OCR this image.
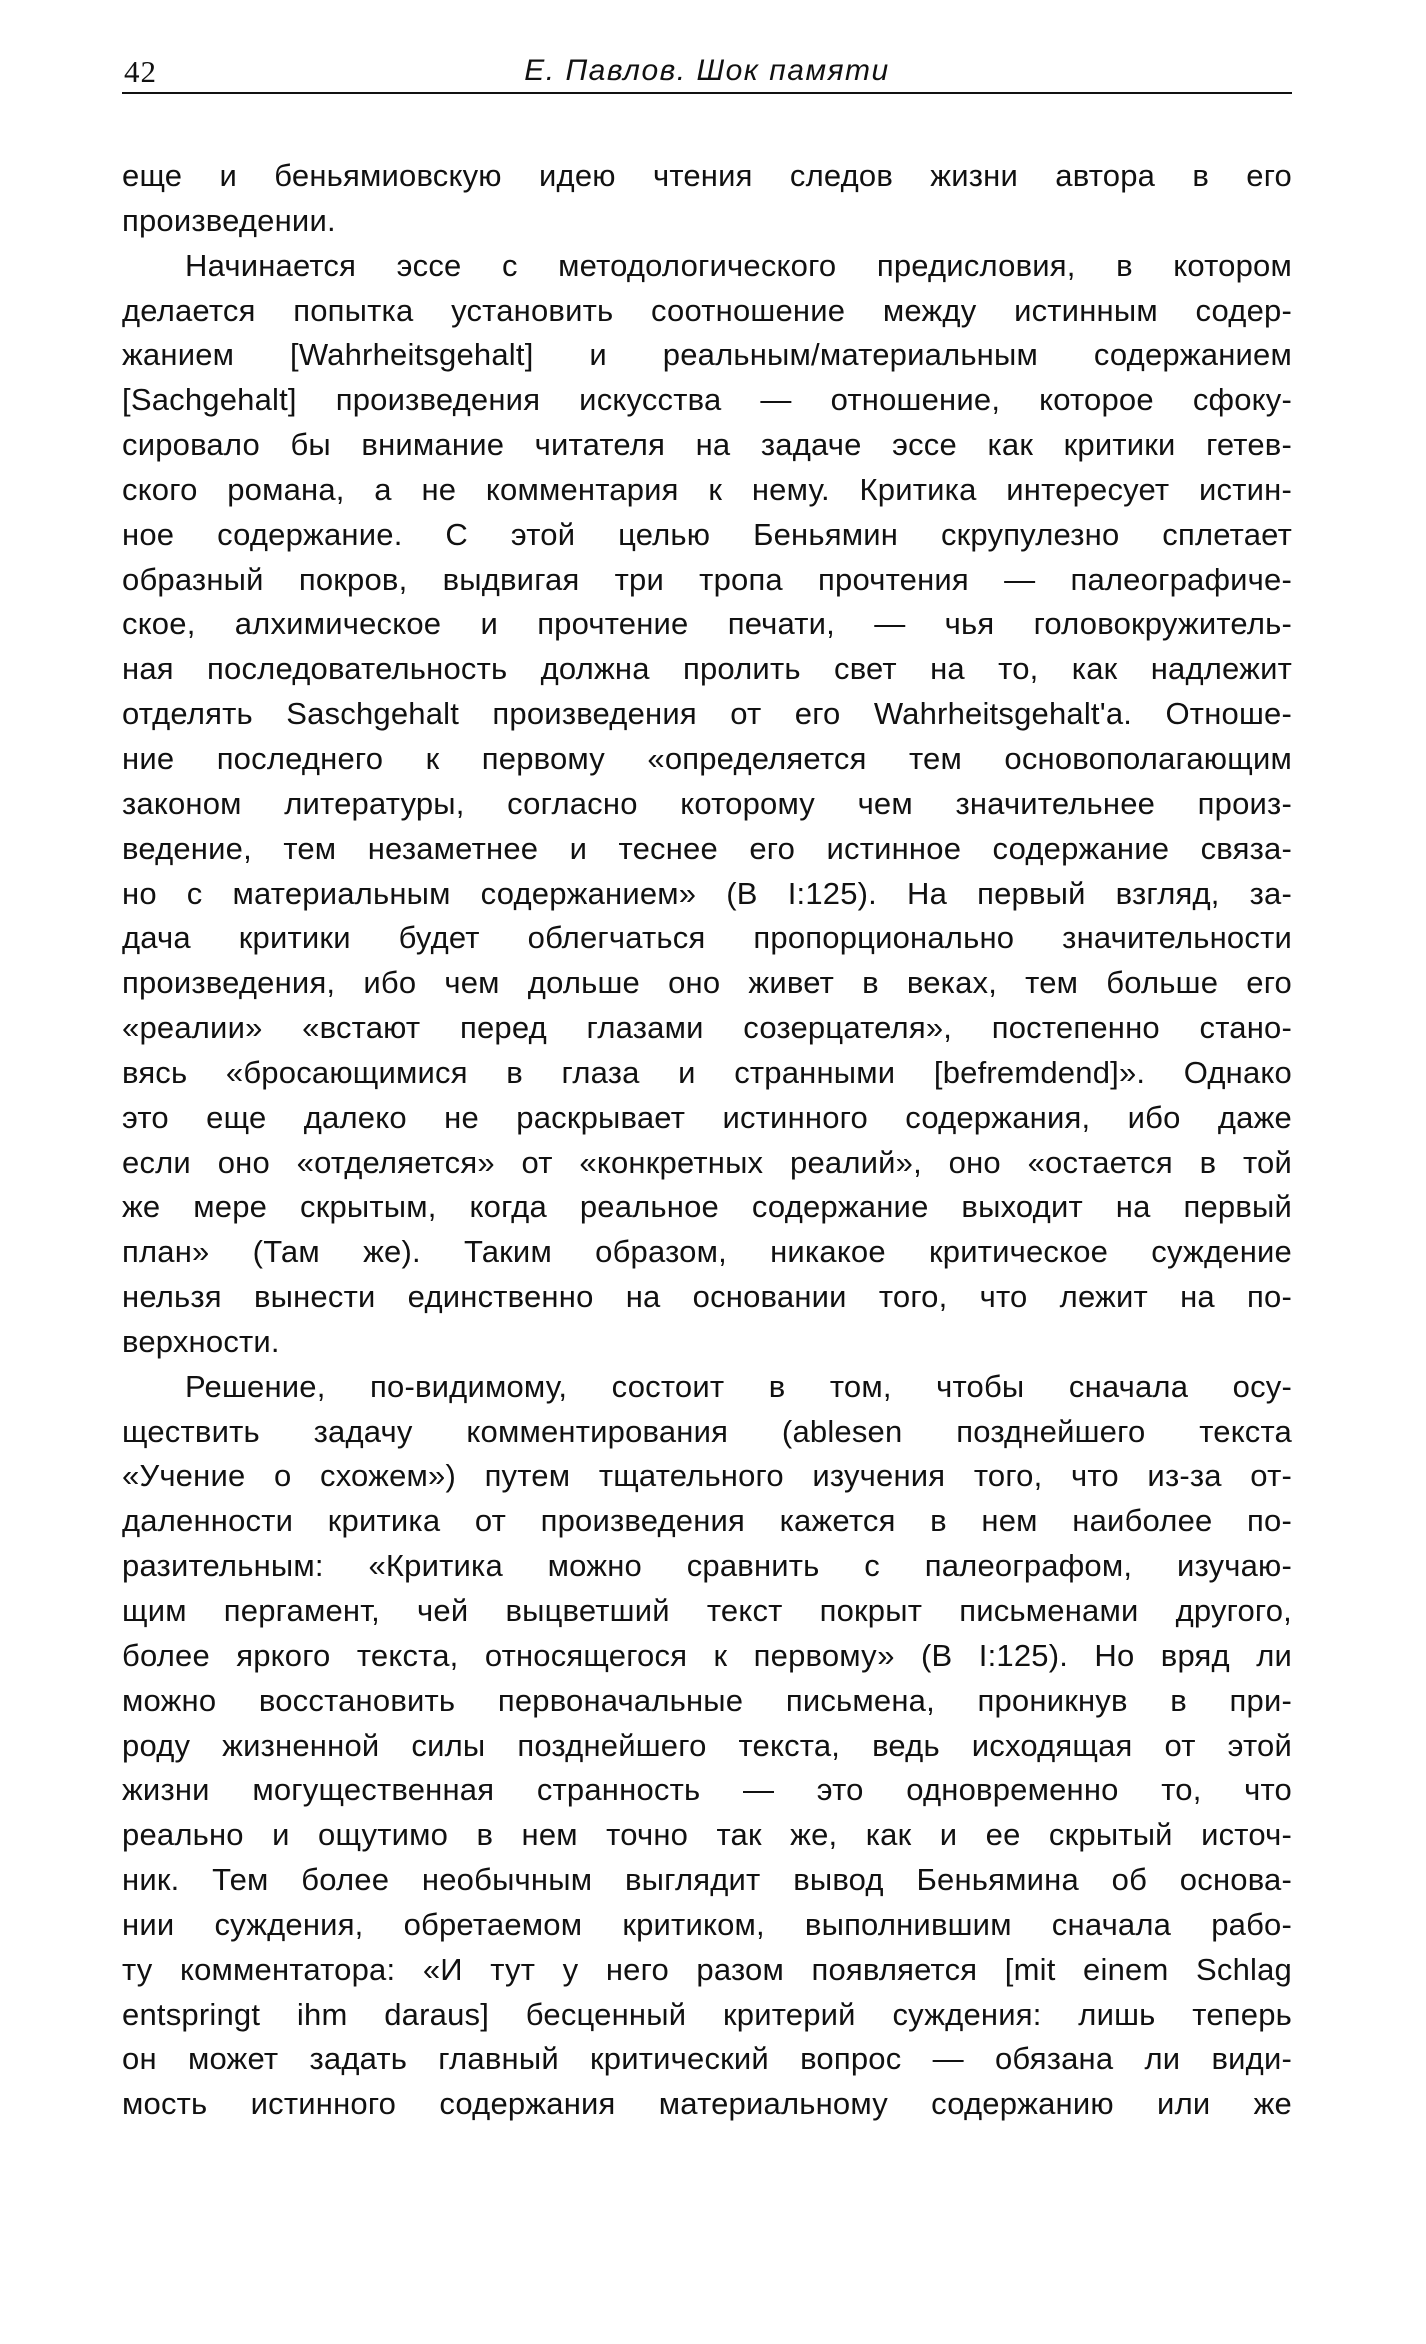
42	Е. Павлов. Шок памяти
еще и беньямиовскую идею чтения следов жизни автора в его
произведении.
Начинается эссе с методологического предисловия, в котором
делается попытка установить соотношение между истинным содер-
жанием [Wahrheitsgehalt] и реальным/материальным содержанием
[Sachgehalt] произведения искусства — отношение, которое сфоку-
сировало бы внимание читателя на задаче эссе как критики гетев-
ского романа, а не комментария к нему. Критика интересует истин-
ное содержание. С этой целью Беньямин скрупулезно сплетает
образный покров, выдвигая три тропа прочтения — палеографиче-
ское, алхимическое и прочтение печати, — чья головокружитель-
ная последовательность должна пролить свет на то, как надлежит
отделять Saschgehalt произведения от его Wahrheitsgehalt'а. Отноше-
ние последнего к первому «определяется тем основополагающим
законом литературы, согласно которому чем значительнее произ-
ведение, тем незаметнее и теснее его истинное содержание связа-
но с материальным содержанием» (В I:125). На первый взгляд, за-
дача критики будет облегчаться пропорционально значительности
произведения, ибо чем дольше оно живет в веках, тем больше его
«реалии» «встают перед глазами созерцателя», постепенно стано-
вясь «бросающимися в глаза и странными [befremdend]». Однако
это еще далеко не раскрывает истинного содержания, ибо даже
если оно «отделяется» от «конкретных реалий», оно «остается в той
же мере скрытым, когда реальное содержание выходит на первый
план» (Там же). Таким образом, никакое критическое суждение
нельзя вынести единственно на основании того, что лежит на по-
верхности.
Решение, по-видимому, состоит в том, чтобы сначала осу-
ществить задачу комментирования (ablesen позднейшего текста
«Учение о схожем») путем тщательного изучения того, что из-за от-
даленности критика от произведения кажется в нем наиболее по-
разительным: «Критика можно сравнить с палеографом, изучаю-
щим пергамент, чей выцветший текст покрыт письменами другого,
более яркого текста, относящегося к первому» (В I:125). Но вряд ли
можно восстановить первоначальные письмена, проникнув в при-
роду жизненной силы позднейшего текста, ведь исходящая от этой
жизни могущественная странность — это одновременно то, что
реально и ощутимо в нем точно так же, как и ее скрытый источ-
ник. Тем более необычным выглядит вывод Беньямина об основа-
нии суждения, обретаемом критиком, выполнившим сначала рабо-
ту комментатора: «И тут у него разом появляется [mit einem Schlag
entspringt ihm daraus] бесценный критерий суждения: лишь теперь
он может задать главный критический вопрос — обязана ли види-
мость истинного содержания материальному содержанию или же
